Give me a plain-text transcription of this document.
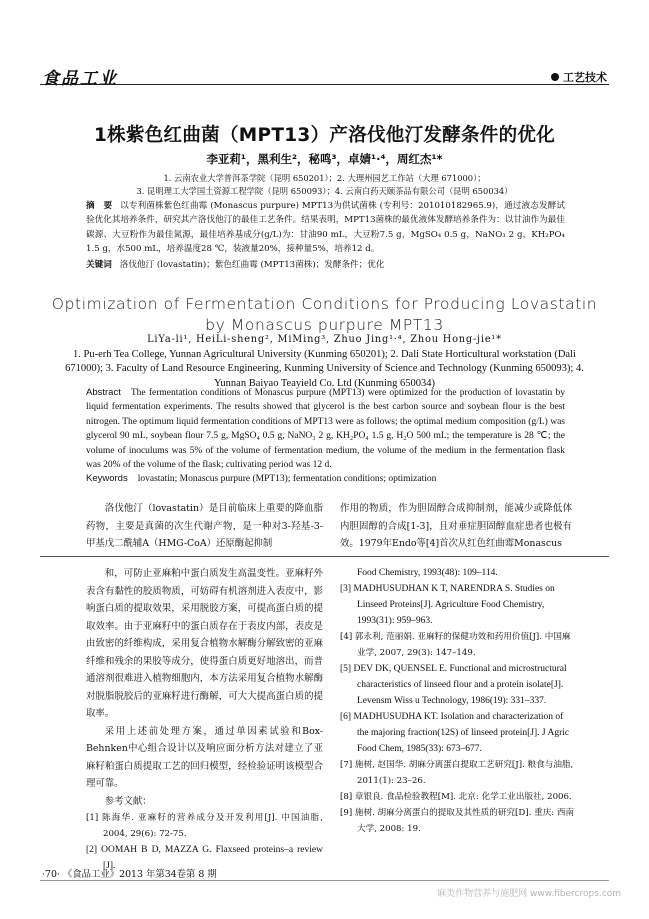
食品工业	工艺技术
1株紫色红曲菌（MPT13）产洛伐他汀发酵条件的优化
李亚莉¹，黑利生²，秘鸣³，卓婧¹·⁴，周红杰¹*
1. 云南农业大学普洱茶学院（昆明 650201）；2. 大理州园艺工作站（大理 671000）；
3. 昆明理工大学国土资源工程学院（昆明 650093）；4. 云南白药天颐茶品有限公司（昆明 650034）
摘　要 以专利菌株紫色红曲霉 (Monascus purpure) MPT13为供试菌株 (专利号：201010182965.9)，通过液态发酵试验优化其培养条件，研究其产洛伐他汀的最佳工艺条件。结果表明，MPT13菌株的最优液体发酵培养条件为：以甘油作为最佳碳源、大豆粉作为最佳氮源，最佳培养基成分(g/L)为：甘油90 mL，大豆粉7.5 g，MgSO₄ 0.5 g，NaNO₃ 2 g，KH₂PO₄ 1.5 g，水500 mL，培养温度28 ℃，装液量20%，接种量5%，培养12 d。
关键词 洛伐他汀 (lovastatin)；紫色红曲霉 (MPT13菌株)；发酵条件；优化
Optimization of Fermentation Conditions for Producing Lovastatin by Monascus purpure MPT13
LiYa-li¹, HeiLi-sheng², MiMing³, Zhuo Jing¹·⁴, Zhou Hong-jie¹*
1. Pu-erh Tea College, Yunnan Agricultural University (Kunming 650201); 2. Dali State Horticultural workstation (Dali 671000); 3. Faculty of Land Resource Engineering, Kunming University of Science and Technology (Kunming 650093); 4. Yunnan Baiyao Teayield Co. Ltd (Kunming 650034)
Abstract The fermentation conditions of Monascus purpure (MPT13) were optimized for the production of lovastatin by liquid fermentation experiments. The results showed that glycerol is the best carbon source and soybean flour is the best nitrogen. The optimum liquid fermentation conditions of MPT13 were as follows; the optimal medium composition (g/L) was glycerol 90 mL, soybean flour 7.5 g, MgSO₄ 0.5 g, NaNO₃ 2 g, KH₂PO₄ 1.5 g, H₂O 500 mL; the temperature is 28 ℃; the volume of inoculums was 5% of the volume of fermentation medium, the volume of the medium in the fermentation flask was 20% of the volume of the flask; cultivating period was 12 d.
Keywords lovastatin; Monascus purpure (MPT13); fermentation conditions; optimization
洛伐他汀（lovastatin）是目前临床上重要的降血脂药物，主要是真菌的次生代谢产物，是一种对3-羟基-3-甲基戊二酰辅A（HMG-CoA）还原酶起抑制
作用的物质，作为胆固醇合成抑制剂，能减少或降低体内胆固醇的合成[1-3]，且对垂症胆固醇血症患者也极有效。1979年Endo等[4]首次从红色红曲霉Monascus

和，可防止亚麻粕中蛋白质发生高温变性。亚麻籽外表含有黏性的胶质物质，可妨碍有机溶剂进入表皮中，影响蛋白质的提取效果，采用脱胶方案，可提高蛋白质的提取效率。由于亚麻籽中的蛋白质存在于表皮内部，表皮是由致密的纤维构成，采用复合植物水解酶分解致密的亚麻纤维和残余的果胶等成分，使得蛋白质更好地溶出，而普通溶剂很难进入植物细胞内，本方法采用复合植物水解酶对脱脂脱胶后的亚麻籽进行酶解，可大大提高蛋白质的提取率。

采用上述前处理方案，通过单因素试验和Box-Behnken中心组合设计以及响应面分析方法对建立了亚麻籽粕蛋白质提取工艺的回归模型，经检验证明该模型合理可靠。

参考文献：
[1] 陈海华. 亚麻籽的营养成分及开发利用[J]. 中国油脂, 2004, 29(6): 72-75.
[2] OOMAH B D, MAZZA G. Flaxseed proteins–a review [J].
Food Chemistry, 1993(48): 109–114.
[3] MADHUSUDHAN K T, NARENDRA S. Studies on Linseed Proteins[J]. Agriculture Food Chemistry, 1993(31): 959–963.
[4] 郭永利, 范丽娟. 亚麻籽的保健功效和药用价值[J]. 中国麻业学, 2007, 29(3): 147–149.
[5] DEV DK, QUENSEL E. Functional and microstructural characteristics of linseed flour and a protein isolate[J]. Levensm Wiss u Technology, 1986(19): 331–337.
[6] MADHUSUDHA KT. Isolation and characterization of the majoring fraction(12S) of linseed protein[J]. J Agric Food Chem, 1985(33): 673–677.
[7] 施树, 赵国华. 胡麻分离蛋白提取工艺研究[J]. 粮食与油脂, 2011(1): 23–26.
[8] 章银良. 食品检验教程[M]. 北京: 化学工业出版社, 2006.
[9] 施树. 胡麻分离蛋白的提取及其性质的研究[D]. 重庆: 西南大学, 2008: 19.
·70· 《食品工业》2013 年第34卷第 8 期
麻类作物营养与施肥网 www.fibercrops.com
